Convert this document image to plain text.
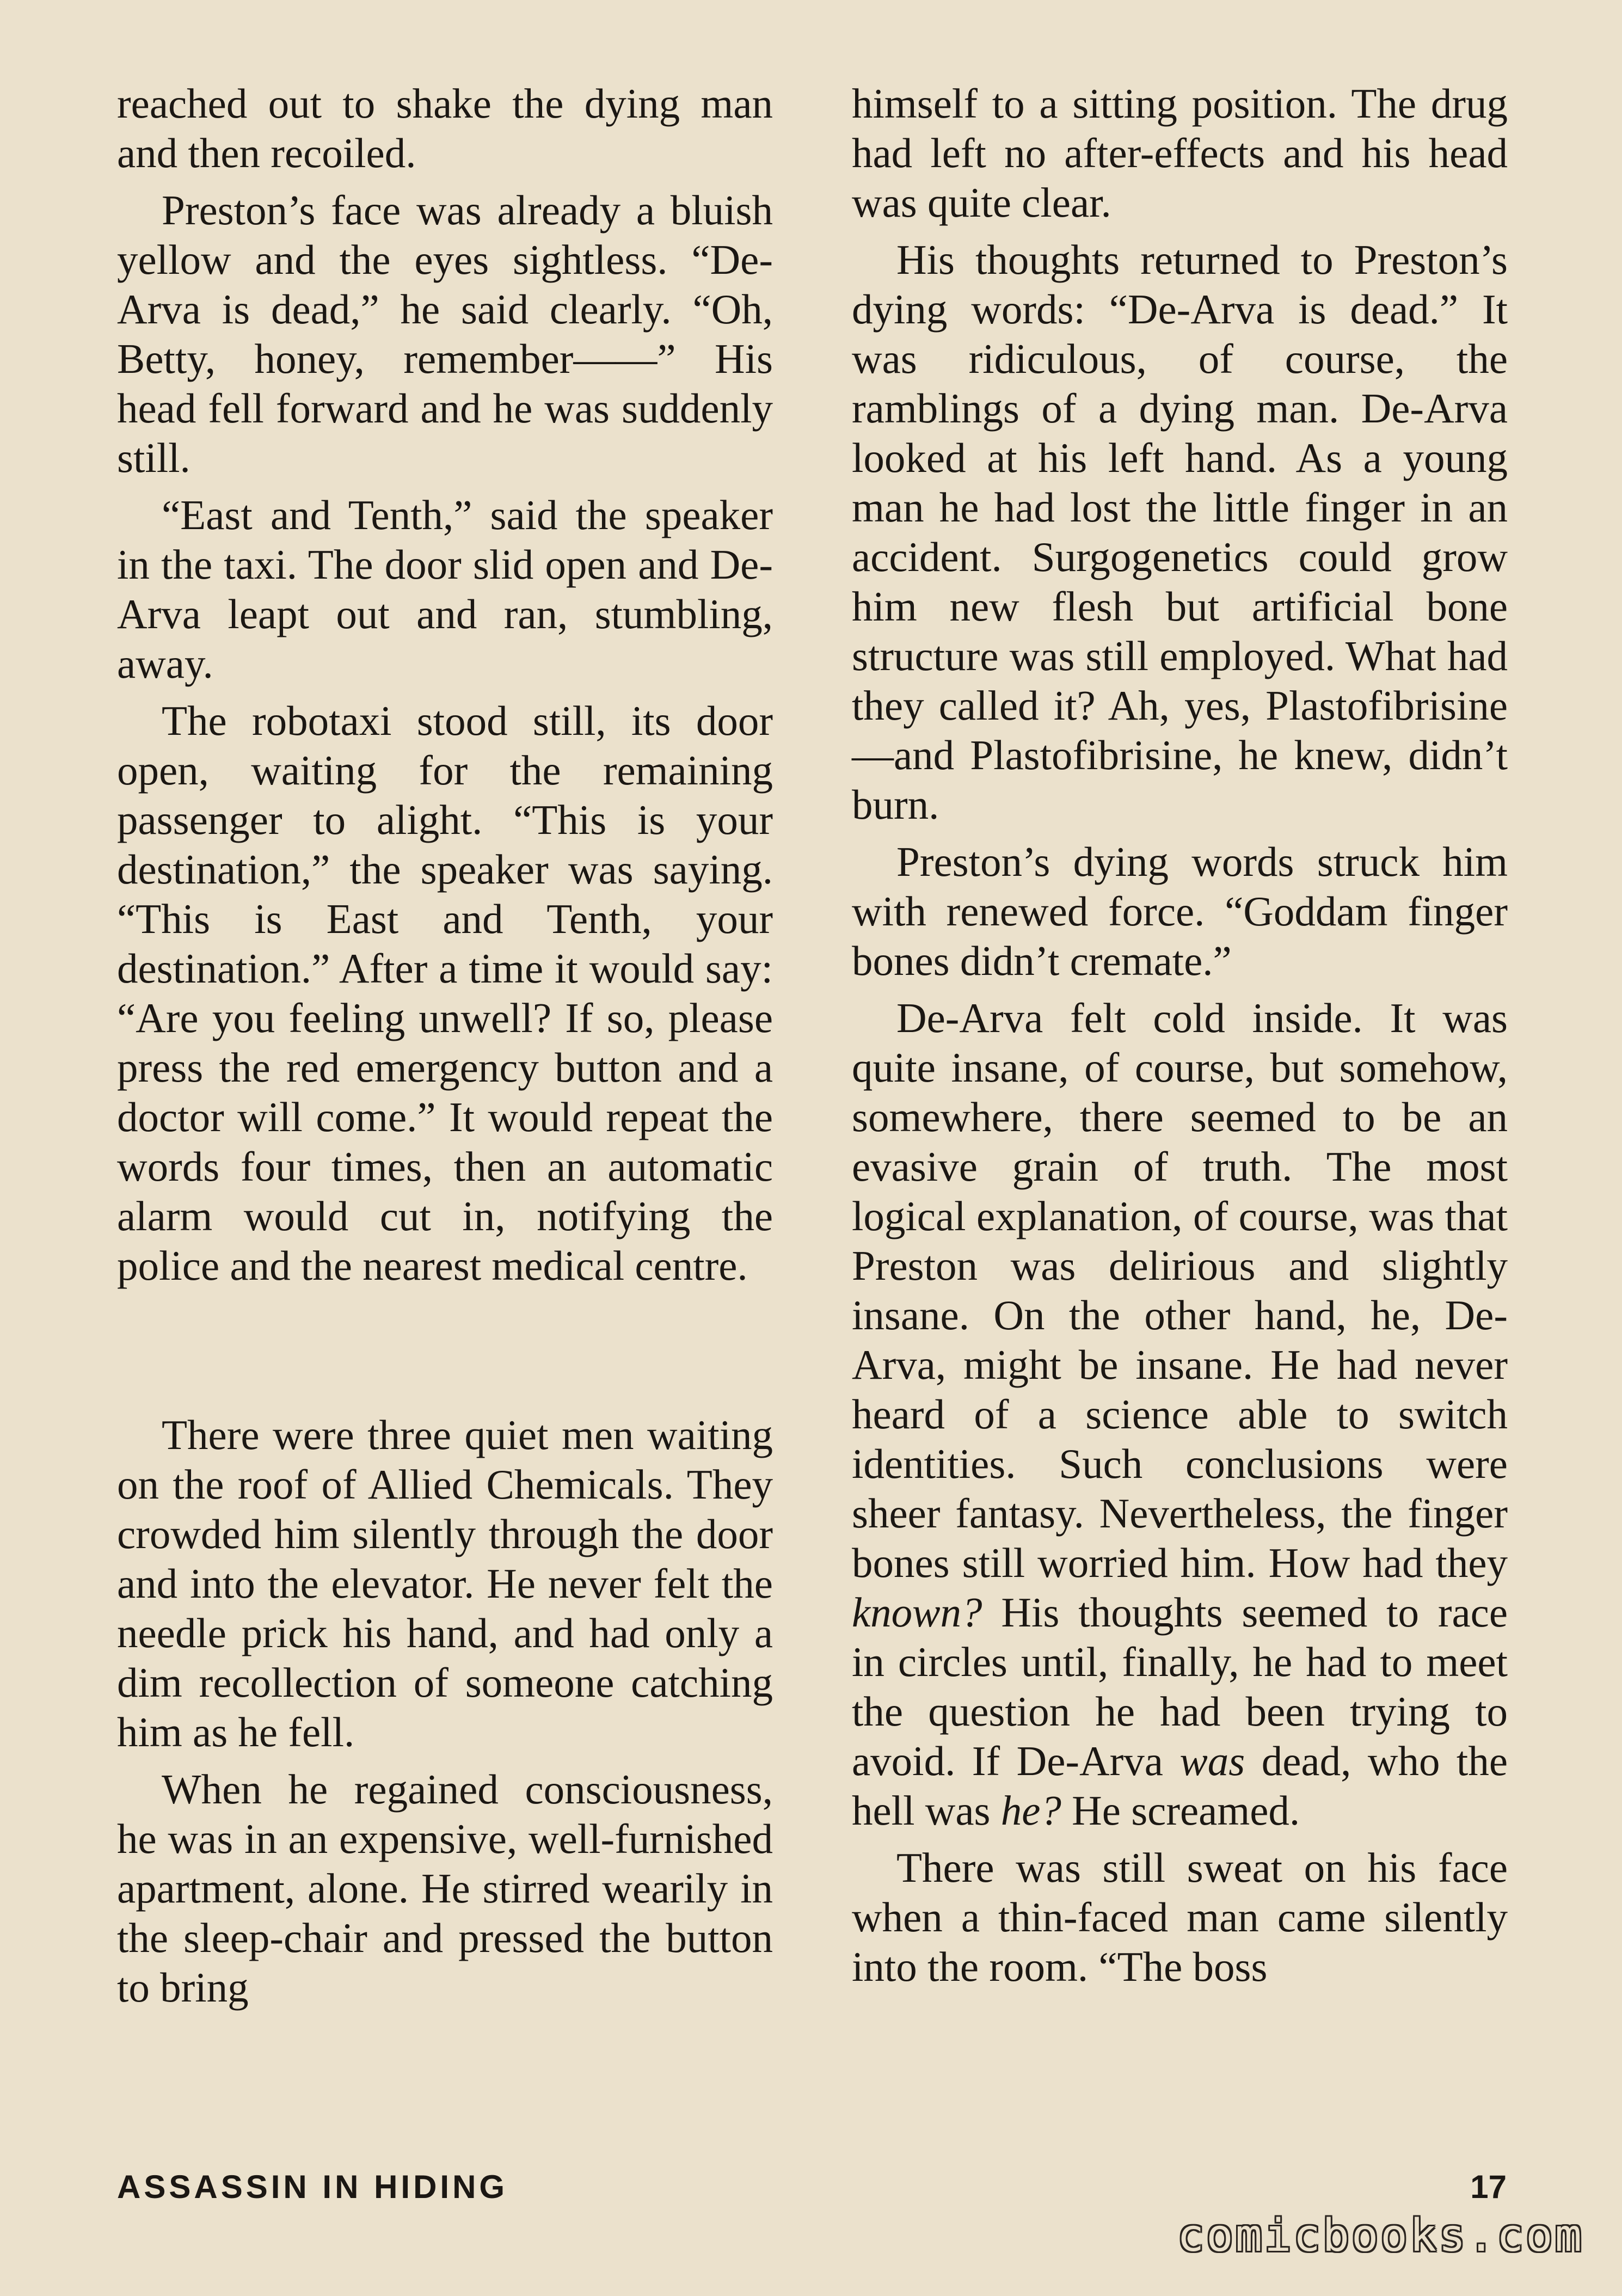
reached out to shake the dying man and then recoiled.

Preston’s face was already a bluish yellow and the eyes sightless. “De-Arva is dead,” he said clearly. “Oh, Betty, honey, remember——” His head fell forward and he was suddenly still.

“East and Tenth,” said the speaker in the taxi. The door slid open and De-Arva leapt out and ran, stumbling, away.

The robotaxi stood still, its door open, waiting for the remaining passenger to alight. “This is your destination,” the speaker was saying. “This is East and Tenth, your destination.” After a time it would say: “Are you feeling unwell? If so, please press the red emergency button and a doctor will come.” It would repeat the words four times, then an automatic alarm would cut in, notifying the police and the nearest medical centre.

There were three quiet men waiting on the roof of Allied Chemicals. They crowded him silently through the door and into the elevator. He never felt the needle prick his hand, and had only a dim recollection of someone catching him as he fell.

When he regained consciousness, he was in an expensive, well-furnished apartment, alone. He stirred wearily in the sleep-chair and pressed the button to bring

himself to a sitting position. The drug had left no after-effects and his head was quite clear.

His thoughts returned to Preston’s dying words: “De-Arva is dead.” It was ridiculous, of course, the ramblings of a dying man. De-Arva looked at his left hand. As a young man he had lost the little finger in an accident. Surgogenetics could grow him new flesh but artificial bone structure was still employed. What had they called it? Ah, yes, Plastofibrisine—and Plastofibrisine, he knew, didn’t burn.

Preston’s dying words struck him with renewed force. “Goddam finger bones didn’t cremate.”

De-Arva felt cold inside. It was quite insane, of course, but somehow, somewhere, there seemed to be an evasive grain of truth. The most logical explanation, of course, was that Preston was delirious and slightly insane. On the other hand, he, De-Arva, might be insane. He had never heard of a science able to switch identities. Such conclusions were sheer fantasy. Nevertheless, the finger bones still worried him. How had they known? His thoughts seemed to race in circles until, finally, he had to meet the question he had been trying to avoid. If De-Arva was dead, who the hell was he? He screamed.

There was still sweat on his face when a thin-faced man came silently into the room. “The boss

ASSASSIN IN HIDING	17
comicbooks.com
